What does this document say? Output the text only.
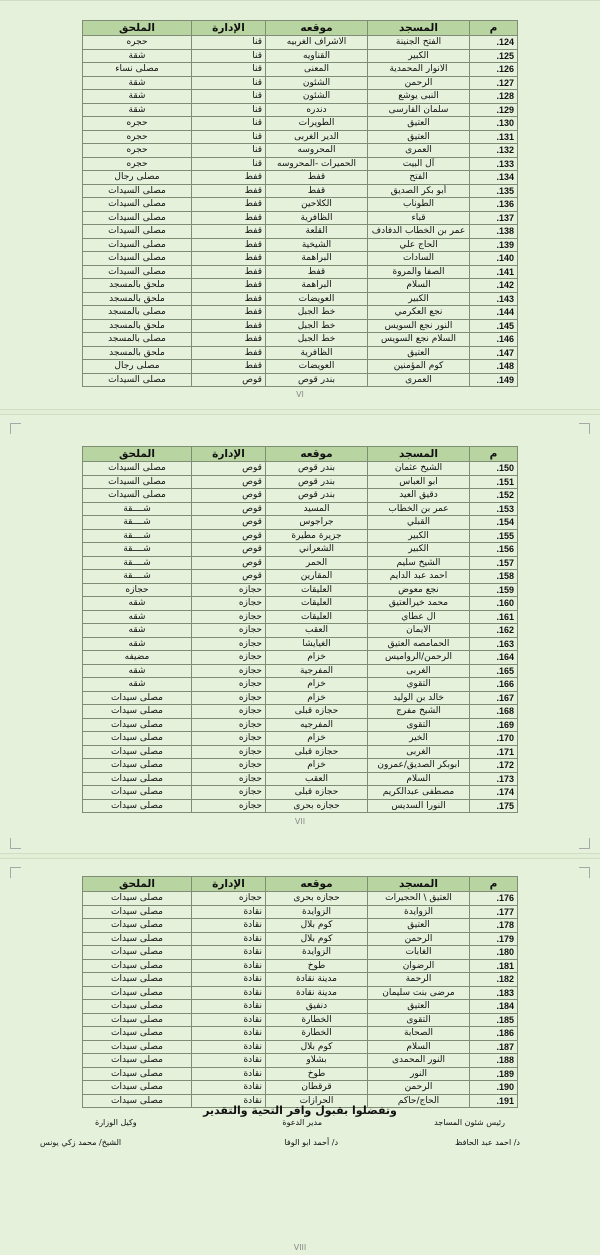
م	المسجد	موقعه	الإدارة	الملحق
124.	الفتح الجنينة	الاشراف الغربيه	قنا	حجره
125.	الكبير	القناويه	قنا	شقة
126.	الانوار المحمدية	المعنى	قنا	مصلى نساء
127.	الرحمن	الشئون	قنا	شقة
128.	النبى يوشع	الشئون	قنا	شقة
129.	سلمان الفارسى	دندره	قنا	شقة
130.	العتيق	الطويرات	قنا	حجره
131.	العتيق	الدير الغربى	قنا	حجره
132.	العمرى	المحروسه	قنا	حجره
133.	آل البيت	الحميرات -المحروسه	قنا	حجره
134.	الفتح	قفط	قفط	مصلى رجال
135.	أبو بكر الصديق	قفط	قفط	مصلى السيدات
136.	الطوناب	الكلاحين	قفط	مصلى السيدات
137.	قباء	الظافرية	قفط	مصلى السيدات
138.	عمر بن الخطاب الدفادف	القلعة	قفط	مصلى السيدات
139.	الحاج علي	الشيخية	قفط	مصلى السيدات
140.	السادات	البراهمة	قفط	مصلى السيدات
141.	الصفا والمروة	قفط	قفط	مصلى السيدات
142.	السلام	البراهمة	قفط	ملحق بالمسجد
143.	الكبير	العويضات	قفط	ملحق بالمسجد
144.	نجع العكرمي	خط الجبل	قفط	مصلى بالمسجد
145.	النور نجع السويس	خط الجبل	قفط	ملحق بالمسجد
146.	السلام نجع السويس	خط الجبل	قفط	مصلى بالمسجد
147.	العتيق	الظافرية	قفط	ملحق بالمسجد
148.	كوم المؤمنين	العويضات	قفط	مصلى رجال
149.	العمرى	بندر قوص	قوص	مصلى السيدات
VI
م	المسجد	موقعه	الإدارة	الملحق
150.	الشيخ عثمان	بندر قوص	قوص	مصلى السيدات
151.	ابو العباس	بندر قوص	قوص	مصلى السيدات
152.	دقيق العيد	بندر قوص	قوص	مصلى السيدات
153.	عمر بن الخطاب	المسيد	قوص	شــــقة
154.	القبلي	جراجوس	قوص	شــــقة
155.	الكبير	جزيرة مطيرة	قوص	شــــقة
156.	الكبير	الشعراني	قوص	شــــقة
157.	الشيخ سليم	الحمر	قوص	شــــقة
158.	احمد عبد الدايم	المقارين	قوص	شــــقة
159.	نجع معوض	العليقات	حجازه	حجازه
160.	محمد خيرالعتيق	العليقات	حجازه	شقه
161.	ال عطاي	العليقات	حجازه	شقه
162.	الايمان	العقب	حجازه	شقه
163.	الحمامصه العتيق	الغيايشا	حجازه	شقه
164.	الرحمن/الرواميس	خزام	حجازه	مضيفه
165.	الغربى	المفرجية	حجازه	شقه
166.	التقوي	خزام	حجازه	شقه
167.	خالد بن الوليد	خزام	حجازه	مصلى سيدات
168.	الشيخ مفرج	حجازه قبلى	حجازه	مصلى سيدات
169.	التقوى	المفرجيه	حجازه	مصلى سيدات
170.	الخير	خزام	حجازه	مصلى سيدات
171.	الغربى	حجازه قبلى	حجازه	مصلى سيدات
172.	ابوبكر الصديق/عمرون	خزام	حجازه	مصلى سيدات
173.	السلام	العقب	حجازه	مصلى سيدات
174.	مصطفى عبدالكريم	حجازه قبلى	حجازه	مصلى سيدات
175.	النورا السديس	حجازه بحرى	حجازه	مصلى سيدات
VII
م	المسجد	موقعه	الإدارة	الملحق
176.	العتيق \ الحجيرات	حجازه بحرى	حجازه	مصلى سيدات
177.	الزوايدة	الزوايدة	نقادة	مصلى سيدات
178.	العتيق	كوم بلال	نقادة	مصلى سيدات
179.	الرحمن	كوم بلال	نقادة	مصلى سيدات
180.	الغابات	الزوايدة	نقادة	مصلى سيدات
181.	الرضوان	طوخ	نقادة	مصلى سيدات
182.	الرحمة	مدينة نقادة	نقادة	مصلى سيدات
183.	مرضى بنت سليمان	مدينة نقادة	نقادة	مصلى سيدات
184.	العتيق	دنفيق	نقادة	مصلى سيدات
185.	التقوى	الخطارة	نقادة	مصلى سيدات
186.	الصحابة	الخطارة	نقادة	مصلى سيدات
187.	السلام	كوم بلال	نقادة	مصلى سيدات
188.	النور المحمدى	بشلاو	نقادة	مصلى سيدات
189.	النور	طوخ	نقادة	مصلى سيدات
190.	الرحمن	قرقطان	نقادة	مصلى سيدات
191.	الحاج/حاكم	الحرازات	نقادة	مصلى سيدات
VIII
وتفضلوا بقبول وافر التحية والتقدير
رئيس شئون المساجد
مدير الدعوة
وكيل الوزارة
د/ احمد عبد الحافظ
د/ أحمد ابو الوفا
الشيخ/ محمد زكي يونس
